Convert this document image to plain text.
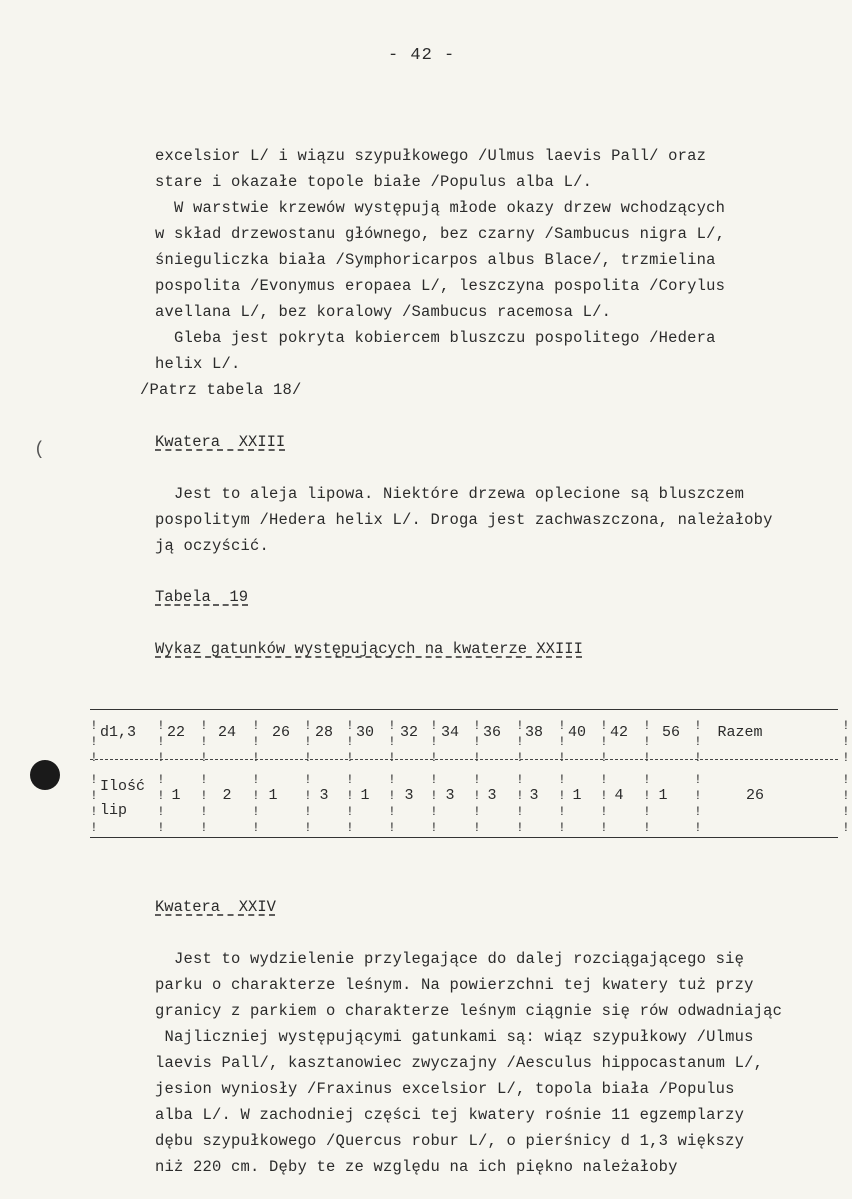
- 42 -
excelsior L/ i wiązu szypułkowego /Ulmus laevis Pall/ oraz
stare i okazałe topole białe /Populus alba L/.
W warstwie krzewów występują młode okazy drzew wchodzących
w skład drzewostanu głównego, bez czarny /Sambucus nigra L/,
śnieguliczka biała /Symphoricarpos albus Blace/, trzmielina
pospolita /Evonymus eropaea L/, leszczyna pospolita /Corylus
avellana L/, bez koralowy /Sambucus racemosa L/.
Gleba jest pokryta kobiercem bluszczu pospolitego /Hedera
helix L/.
/Patrz tabela 18/
Kwatera  XXIII
Jest to aleja lipowa. Niektóre drzewa oplecione są bluszczem
pospolitym /Hedera helix L/. Droga jest zachwaszczona, należałoby
ją oczyścić.
Tabela  19
Wykaz gatunków występujących na kwaterze XXIII
d1,3 22 24 26 28 30 32 34 36 38 40 42 56	Razem
Ilość
lip
1	2	1	3	1	3	3	3	3	1	4	1	26
!
!
!
!
!
!
!
!
!
!
!
!
!
!
!
!
!
!
!
!
!
!
!
!
!
!
!
!
!
!
!
!
!
!
!
!
!
!
!
!
!
!
!
!
!
!
!
!
!
!
!
!
!
!
!
!
!
!
!
!
!
!
!
!
!
!
!
!
!
!
!
!
!
!
!
!
!
!
!
!
!
!
!
!
!
!
!
!
!
!
!
!
!
!
!
!
!
!
!
!
!
!
!
!
!
Kwatera  XXIV
Jest to wydzielenie przylegające do dalej rozciągającego się
parku o charakterze leśnym. Na powierzchni tej kwatery tuż przy
granicy z parkiem o charakterze leśnym ciągnie się rów odwadniając
Najliczniej występującymi gatunkami są: wiąz szypułkowy /Ulmus
laevis Pall/, kasztanowiec zwyczajny /Aesculus hippocastanum L/,
jesion wyniosły /Fraxinus excelsior L/, topola biała /Populus
alba L/. W zachodniej części tej kwatery rośnie 11 egzemplarzy
dębu szypułkowego /Quercus robur L/, o pierśnicy d 1,3 większy
niż 220 cm. Dęby te ze względu na ich piękno należałoby
(
